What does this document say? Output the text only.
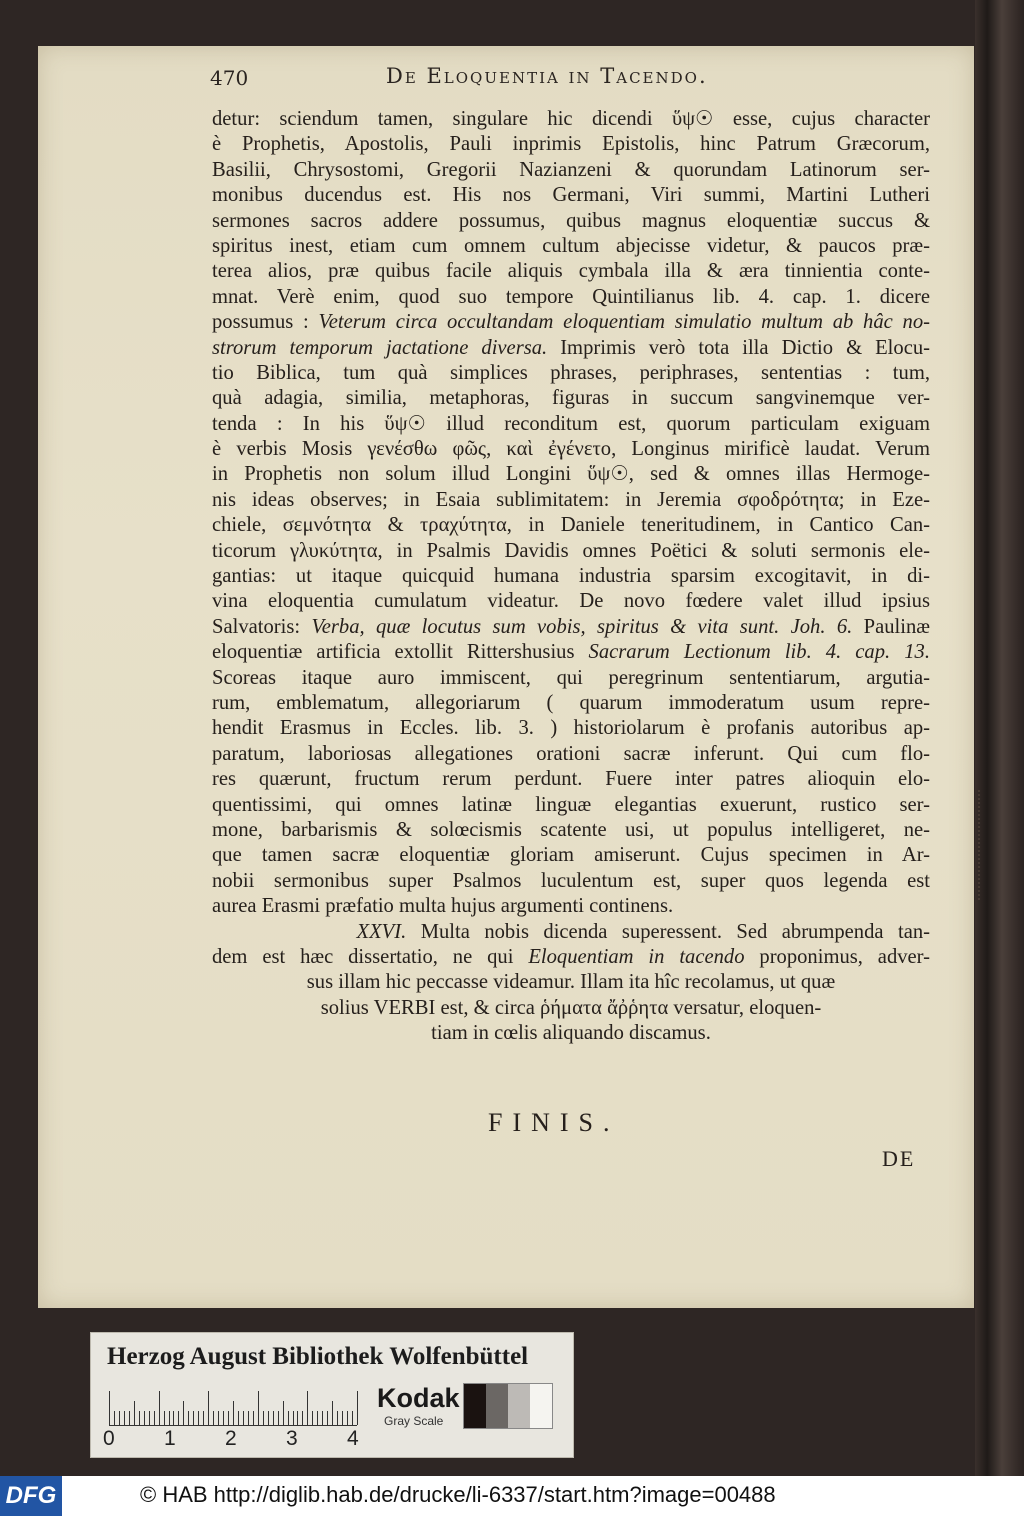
470	De Eloquentia in Tacendo.
detur: sciendum tamen, singulare hic dicendi ὕψ☉ esse, cujus character
è Prophetis, Apostolis, Pauli inprimis Epistolis, hinc Patrum Græcorum,
Basilii, Chrysostomi, Gregorii Nazianzeni & quorundam Latinorum ser-
monibus ducendus est. His nos Germani, Viri summi, Martini Lutheri
sermones sacros addere possumus, quibus magnus eloquentiæ succus &
spiritus inest, etiam cum omnem cultum abjecisse videtur, & paucos præ-
terea alios, præ quibus facile aliquis cymbala illa & æra tinnientia conte-
mnat. Verè enim, quod suo tempore Quintilianus lib. 4. cap. 1. dicere
possumus : Veterum circa occultandam eloquentiam simulatio multum ab hâc no-
strorum temporum jactatione diversa. Imprimis verò tota illa Dictio & Elocu-
tio Biblica, tum quà simplices phrases, periphrases, sententias : tum,
quà adagia, similia, metaphoras, figuras in succum sangvinemque ver-
tenda : In his ὕψ☉ illud reconditum est, quorum particulam exiguam
è verbis Mosis γενέσθω φῶς, καὶ ἐγένετο, Longinus mirificè laudat. Verum
in Prophetis non solum illud Longini ὕψ☉, sed & omnes illas Hermoge-
nis ideas observes; in Esaia sublimitatem: in Jeremia σφοδρότητα; in Eze-
chiele, σεμνότητα & τραχύτητα, in Daniele teneritudinem, in Cantico Can-
ticorum γλυκύτητα, in Psalmis Davidis omnes Poëtici & soluti sermonis ele-
gantias: ut itaque quicquid humana industria sparsim excogitavit, in di-
vina eloquentia cumulatum videatur. De novo fœdere valet illud ipsius
Salvatoris: Verba, quæ locutus sum vobis, spiritus & vita sunt. Joh. 6. Paulinæ
eloquentiæ artificia extollit Rittershusius Sacrarum Lectionum lib. 4. cap. 13.
Scoreas itaque auro immiscent, qui peregrinum sententiarum, argutia-
rum, emblematum, allegoriarum ( quarum immoderatum usum repre-
hendit Erasmus in Eccles. lib. 3. ) historiolarum è profanis autoribus ap-
paratum, laboriosas allegationes orationi sacræ inferunt. Qui cum flo-
res quærunt, fructum rerum perdunt. Fuere inter patres alioquin elo-
quentissimi, qui omnes latinæ linguæ elegantias exuerunt, rustico ser-
mone, barbarismis & solœcismis scatente usi, ut populus intelligeret, ne-
que tamen sacræ eloquentiæ gloriam amiserunt. Cujus specimen in Ar-
nobii sermonibus super Psalmos luculentum est, super quos legenda est
aurea Erasmi præfatio multa hujus argumenti continens.
XXVI. Multa nobis dicenda superessent. Sed abrumpenda tan-
dem est hæc dissertatio, ne qui Eloquentiam in tacendo proponimus, adver-
sus illam hic peccasse videamur. Illam ita hîc recolamus, ut quæ
solius VERBI est, & circa ῥήματα ἄῤῥητα versatur, eloquen-
tiam in cœlis aliquando discamus.
FINIS.
DE
Herzog August Bibliothek Wolfenbüttel
0 1 2 3 4
Kodak
Gray Scale
DFG	© HAB http://diglib.hab.de/drucke/li-6337/start.htm?image=00488
